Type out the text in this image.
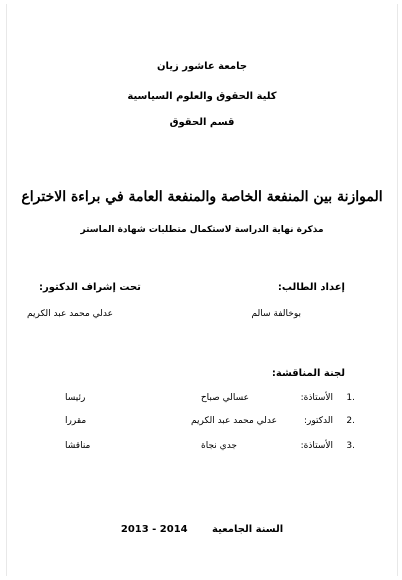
جامعة عاشور زيان
كلية الحقوق والعلوم السياسية
قسم الحقوق
الموازنة بين المنفعة الخاصة والمنفعة العامة في براءة الاختراع
مذكرة نهاية الدراسة لاستكمال متطلبات شهادة الماستر
إعداد الطالب:
بوخالفة سالم
تحت إشراف الدكتور:
عدلي محمد عبد الكريم
لجنة المناقشة:
1.
الأستاذة:
عسالي صباح
رئيسا
2.
الدكتور:
عدلي محمد عبد الكريم
مقررا
3.
الأستاذة:
جدي نجاة
مناقشا
2013 - 2014 السنة الجامعية
